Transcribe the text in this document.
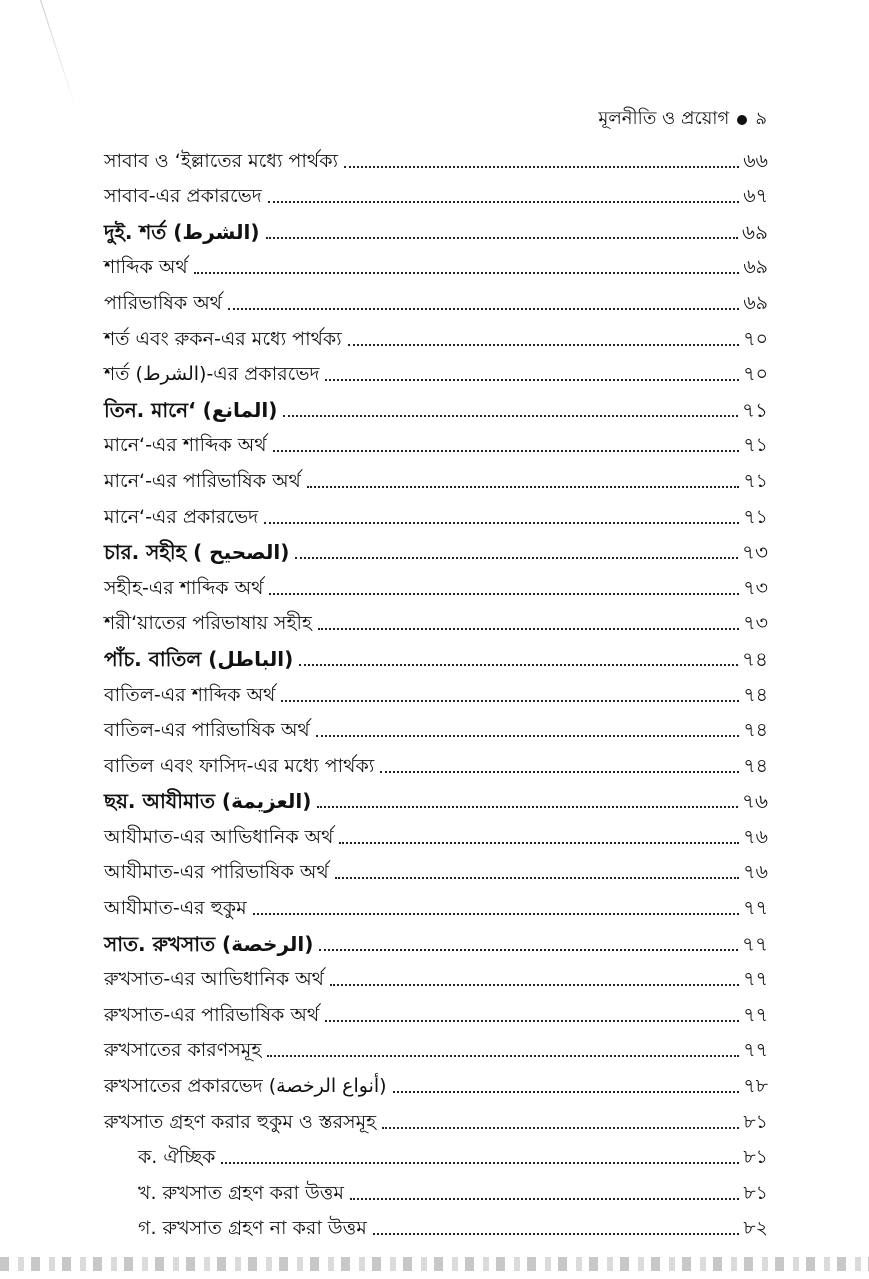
মূলনীতি ও প্রয়োগ ৯
সাবাব ও ‘ইল্লাতের মধ্যে পার্থক্য	৬৬
সাবাব-এর প্রকারভেদ	৬৭
দুই. শর্ত (الشرط)	৬৯
শাব্দিক অর্থ	৬৯
পারিভাষিক অর্থ	৬৯
শর্ত এবং রুকন-এর মধ্যে পার্থক্য	৭০
শর্ত (الشرط)-এর প্রকারভেদ	৭০
তিন. মানে‘ (المانع)	৭১
মানে‘-এর শাব্দিক অর্থ	৭১
মানে‘-এর পারিভাষিক অর্থ	৭১
মানে‘-এর প্রকারভেদ	৭১
চার. সহীহ ( الصحيح)	৭৩
সহীহ-এর শাব্দিক অর্থ	৭৩
শরী‘য়াতের পরিভাষায় সহীহ	৭৩
পাঁচ. বাতিল (الباطل)	৭৪
বাতিল-এর শাব্দিক অর্থ	৭৪
বাতিল-এর পারিভাষিক অর্থ	৭৪
বাতিল এবং ফাসিদ-এর মধ্যে পার্থক্য	৭৪
ছয়. আযীমাত (العزيمة)	৭৬
আযীমাত-এর আভিধানিক অর্থ	৭৬
আযীমাত-এর পারিভাষিক অর্থ	৭৬
আযীমাত-এর হুকুম	৭৭
সাত. রুখসাত (الرخصة)	৭৭
রুখসাত-এর আভিধানিক অর্থ	৭৭
রুখসাত-এর পারিভাষিক অর্থ	৭৭
রুখসাতের কারণসমূহ	৭৭
রুখসাতের প্রকারভেদ (أنواع الرخصة)	৭৮
রুখসাত গ্রহণ করার হুকুম ও স্তরসমূহ	৮১
ক. ঐচ্ছিক	৮১
খ. রুখসাত গ্রহণ করা উত্তম	৮১
গ. রুখসাত গ্রহণ না করা উত্তম	৮২
